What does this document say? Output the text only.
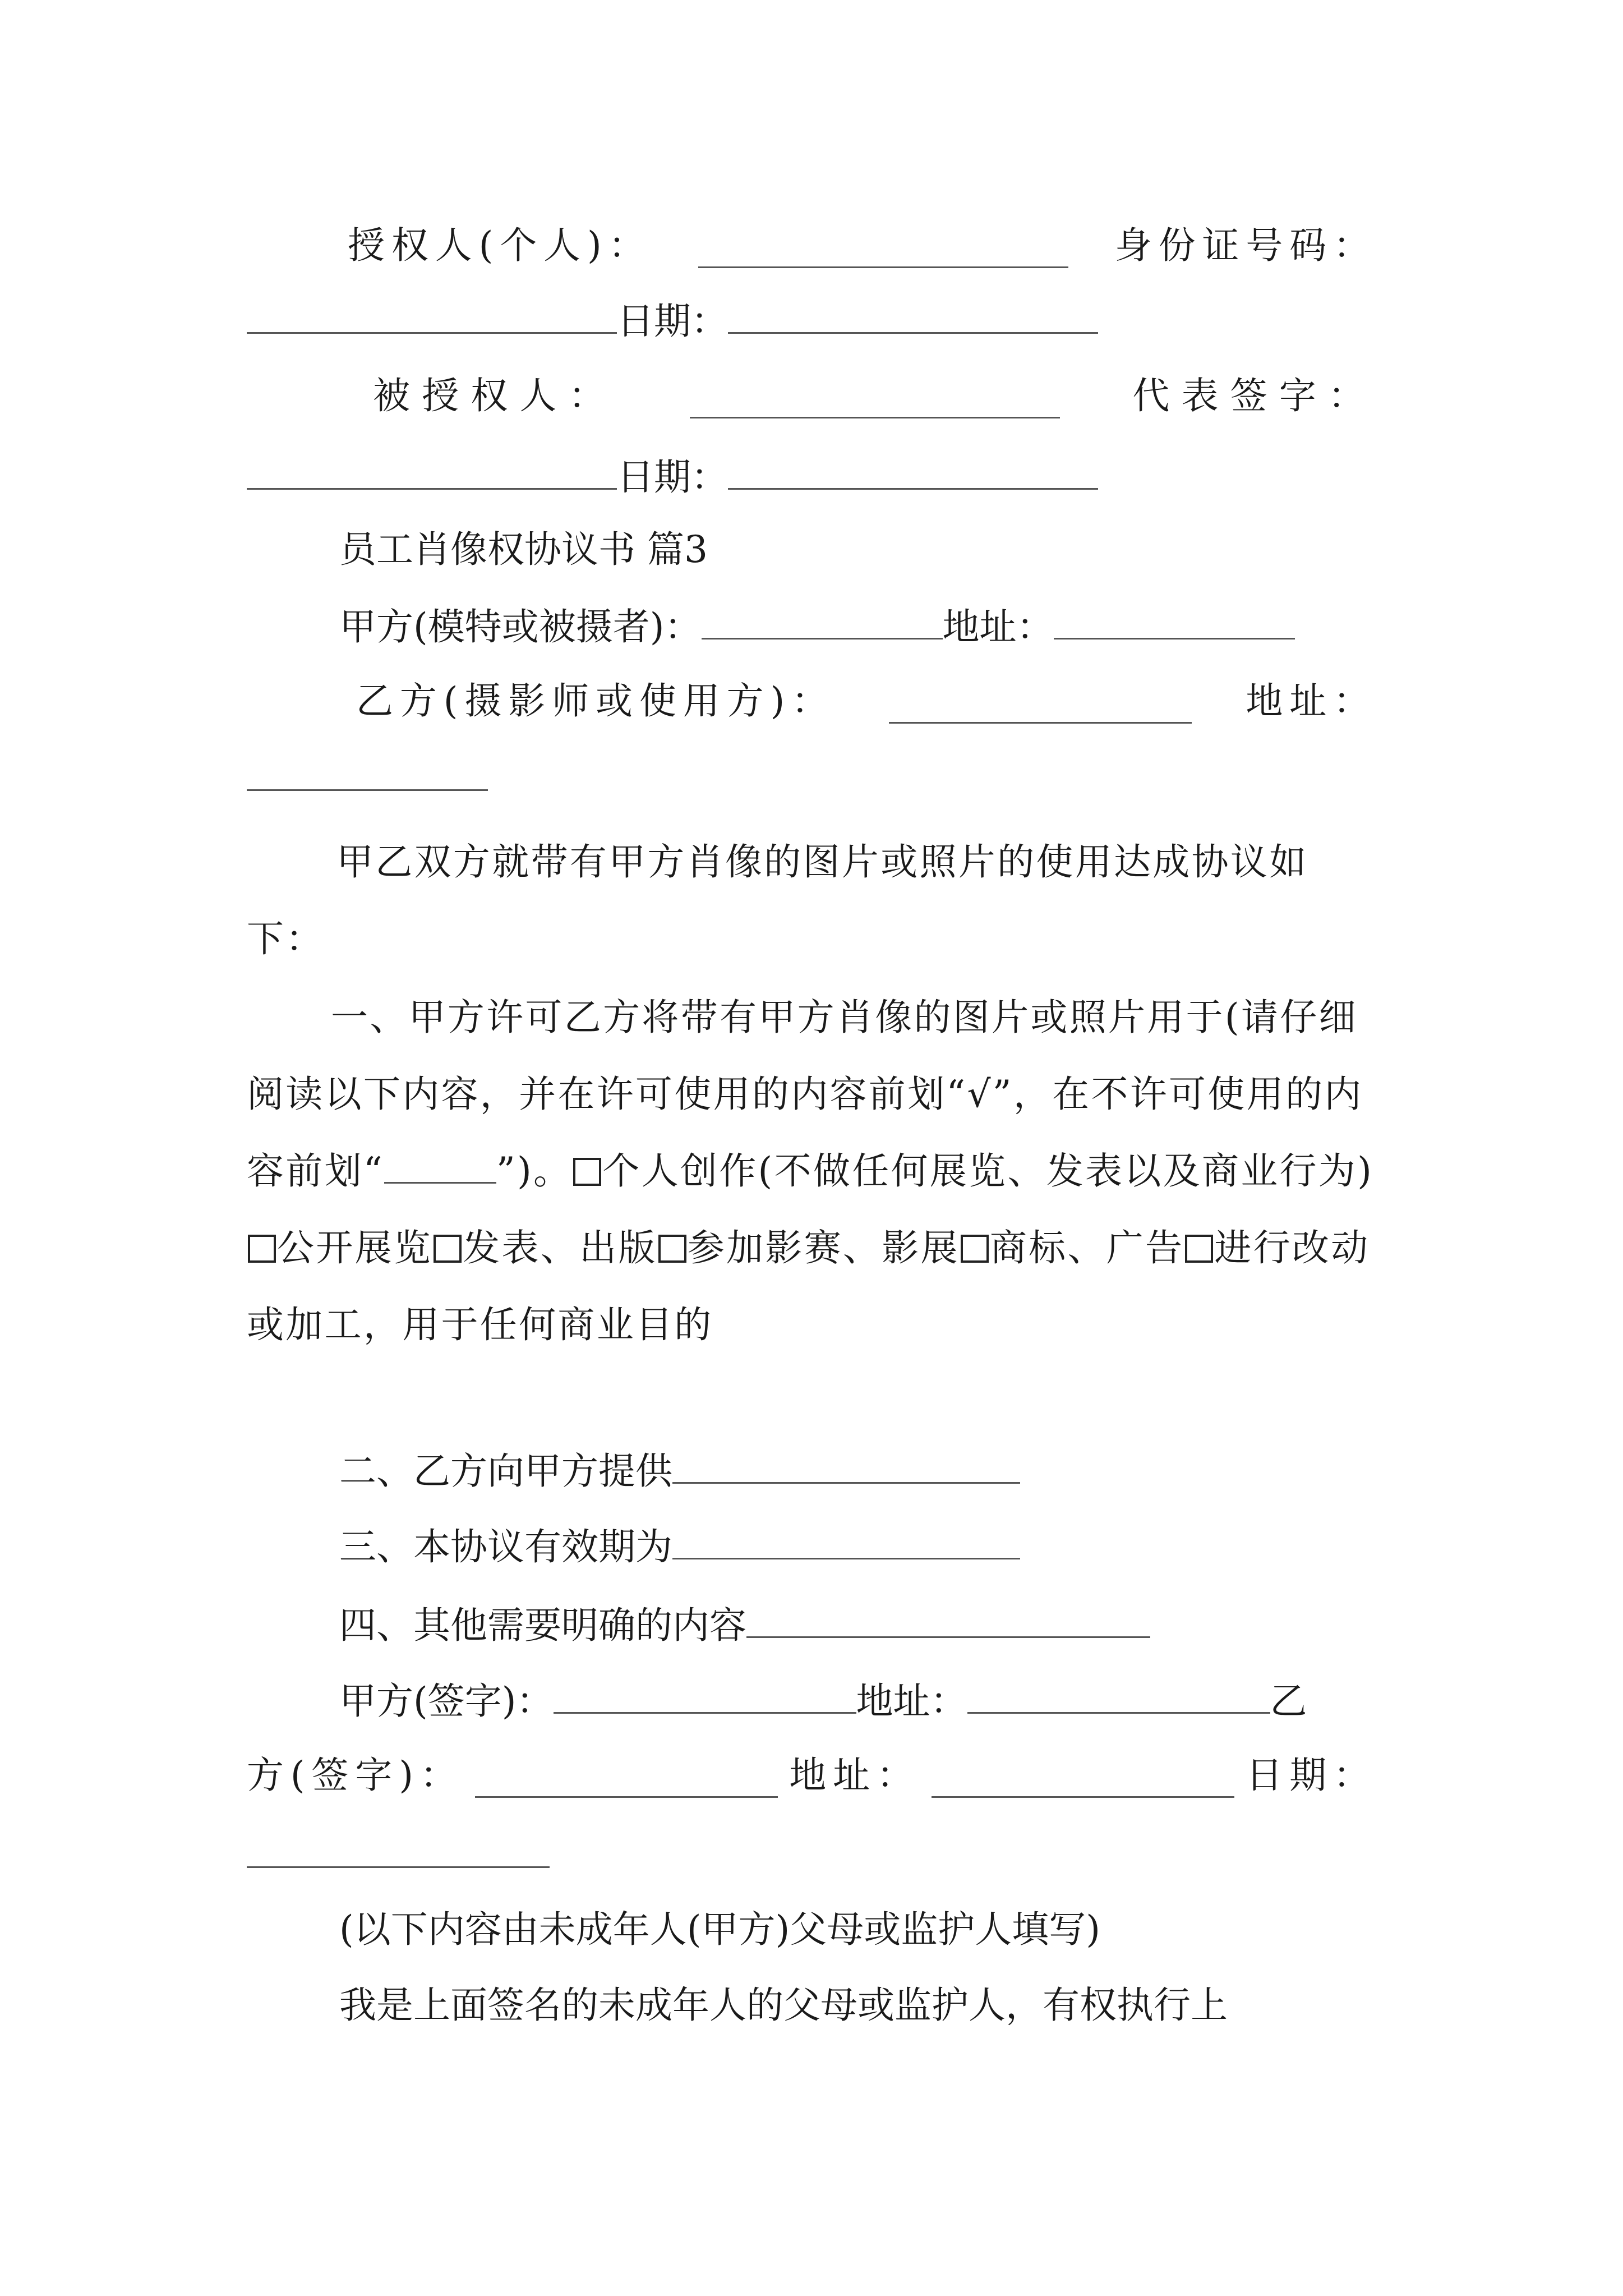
授权人(个人)：	身份证号码：
日期：
被授权人：	代表签字：
日期：
员工肖像权协议书 篇3
甲方(模特或被摄者)：	地址：
乙方(摄影师或使用方)：	地址：
甲乙双方就带有甲方肖像的图片或照片的使用达成协议如下：
一、甲方许可乙方将带有甲方肖像的图片或照片用于(请仔细阅读以下内容，并在许可使用的内容前划“√”，在不许可使用的内容前划“	”)。 个人创作(不做任何展览、发表以及商业行为)公开展览 发表、出版 参加影赛、影展 商标、广告 进行改动或加工，用于任何商业目的
二、乙方向甲方提供
三、本协议有效期为
四、其他需要明确的内容
甲方(签字)：	地址：	乙
方(签字)：	地址：	日期：
(以下内容由未成年人(甲方)父母或监护人填写)
我是上面签名的未成年人的父母或监护人，有权执行上
